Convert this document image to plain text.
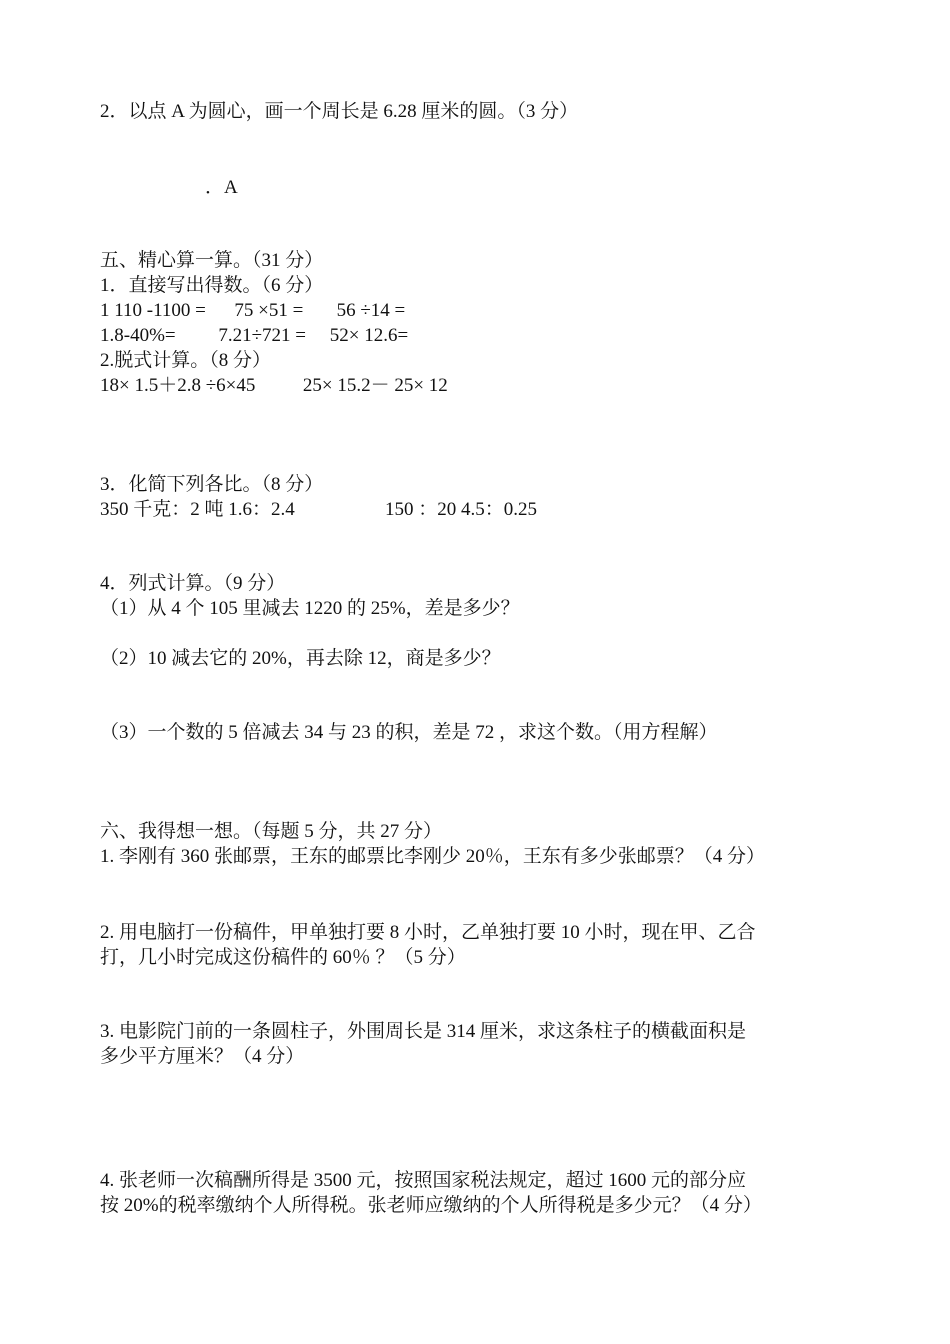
2．以点 A 为圆心，画一个周长是 6.28 厘米的圆。（3 分）
．A
五、精心算一算。（31 分）
1．直接写出得数。（6 分）
1 110 -1100 =      75 ×51 =       56 ÷14 =
1.8-40%=         7.21÷721 =     52× 12.6=
2.脱式计算。（8 分）
18× 1.5＋2.8 ÷6×45          25× 15.2－ 25× 12
3．化简下列各比。（8 分）
350 千克：2 吨 1.6：2.4                   150 ：20 4.5：0.25
4．列式计算。（9 分）
（1）从 4 个 105 里减去 1220 的 25%，差是多少？
（2）10 减去它的 20%，再去除 12，商是多少？
（3）一个数的 5 倍减去 34 与 23 的积，差是 72 ，求这个数。（用方程解）
六、我得想一想。（每题 5 分，共 27 分）
1. 李刚有 360 张邮票，王东的邮票比李刚少 20％，王东有多少张邮票？（4 分）
2. 用电脑打一份稿件，甲单独打要 8 小时，乙单独打要 10 小时，现在甲、乙合
打，几小时完成这份稿件的 60％ ？（5 分）
3. 电影院门前的一条圆柱子，外围周长是 314 厘米，求这条柱子的横截面积是
多少平方厘米？（4 分）
4. 张老师一次稿酬所得是 3500 元，按照国家税法规定，超过 1600 元的部分应
按 20%的税率缴纳个人所得税。张老师应缴纳的个人所得税是多少元？（4 分）
